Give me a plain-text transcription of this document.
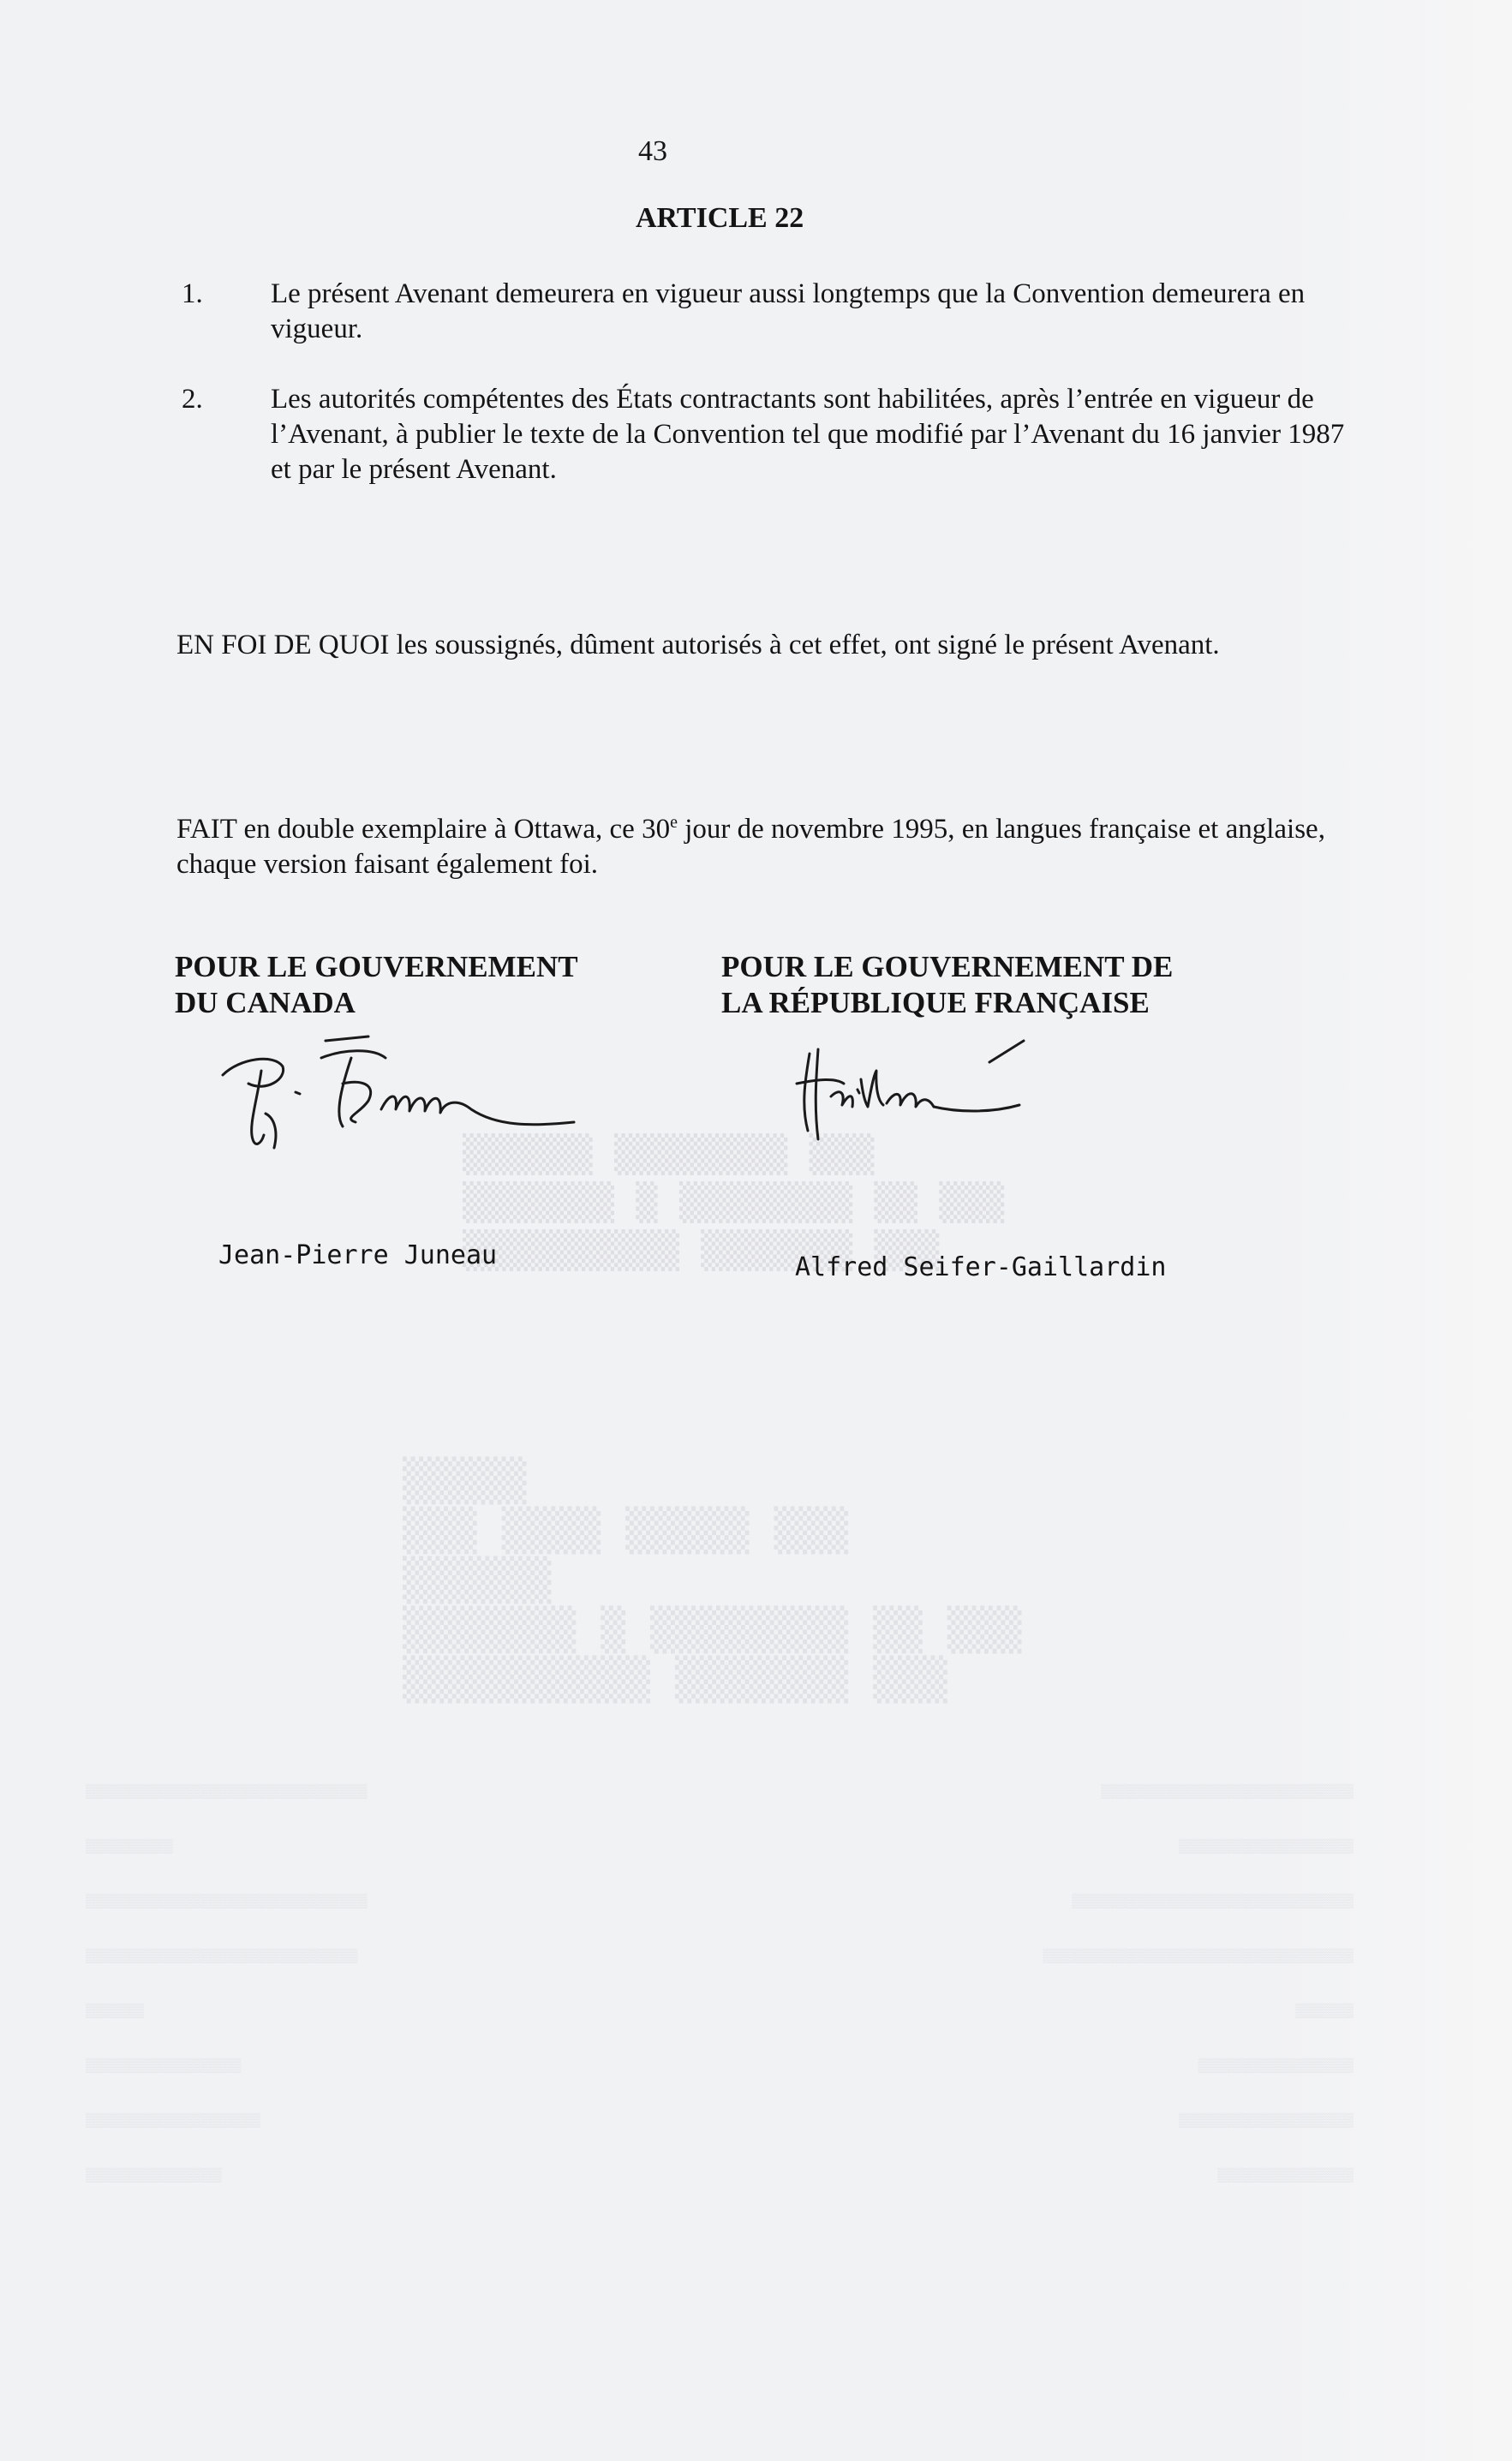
▒▒▒▒▒▒ ▒▒▒▒▒▒▒▒ ▒▒▒
▒▒▒▒▒▒▒ ▒ ▒▒▒▒▒▒▒▒ ▒▒ ▒▒▒
▒▒▒▒▒▒▒▒▒▒ ▒▒▒▒▒▒▒ ▒▒▒
▒▒▒▒▒
▒▒▒ ▒▒▒▒ ▒▒▒▒▒ ▒▒▒
▒▒▒▒▒▒
▒▒▒▒▒▒▒ ▒ ▒▒▒▒▒▒▒▒ ▒▒ ▒▒▒
▒▒▒▒▒▒▒▒▒▒ ▒▒▒▒▒▒▒ ▒▒▒
43
ARTICLE 22
1. Le présent Avenant demeurera en vigueur aussi longtemps que la Convention demeurera en vigueur.
2. Les autorités compétentes des États contractants sont habilitées, après l’entrée en vigueur de l’Avenant, à publier le texte de la Convention tel que modifié par l’Avenant du 16 janvier 1987 et par le présent Avenant.
EN FOI DE QUOI les soussignés, dûment autorisés à cet effet, ont signé le présent Avenant.
FAIT en double exemplaire à Ottawa, ce 30e jour de novembre 1995, en langues française et anglaise, chaque version faisant également foi.
POUR LE GOUVERNEMENT
DU CANADA
POUR LE GOUVERNEMENT DE
LA RÉPUBLIQUE FRANÇAISE
Jean-Pierre Juneau	Alfred Seifer-Gaillardin
▒▒▒▒▒▒▒▒▒▒▒▒▒▒▒▒▒▒▒▒▒▒▒▒▒▒▒▒▒	▒▒▒▒▒▒▒▒▒▒▒▒▒▒▒▒▒▒▒▒▒▒▒▒▒▒
▒▒▒▒▒▒▒▒▒	▒▒▒▒▒▒▒▒▒▒▒▒▒▒▒▒▒▒
▒▒▒▒▒▒▒▒▒▒▒▒▒▒▒▒▒▒▒▒▒▒▒▒▒▒▒▒▒	▒▒▒▒▒▒▒▒▒▒▒▒▒▒▒▒▒▒▒▒▒▒▒▒▒▒▒▒▒
▒▒▒▒▒▒▒▒▒▒▒▒▒▒▒▒▒▒▒▒▒▒▒▒▒▒▒▒	▒▒▒▒▒▒▒▒▒▒▒▒▒▒▒▒▒▒▒▒▒▒▒▒▒▒▒▒▒▒▒▒
▒▒▒▒▒▒	▒▒▒▒▒▒
▒▒▒▒▒▒▒▒▒▒▒▒▒▒▒▒	▒▒▒▒▒▒▒▒▒▒▒▒▒▒▒▒
▒▒▒▒▒▒▒▒▒▒▒▒▒▒▒▒▒▒	▒▒▒▒▒▒▒▒▒▒▒▒▒▒▒▒▒▒
▒▒▒▒▒▒▒▒▒▒▒▒▒▒	▒▒▒▒▒▒▒▒▒▒▒▒▒▒
